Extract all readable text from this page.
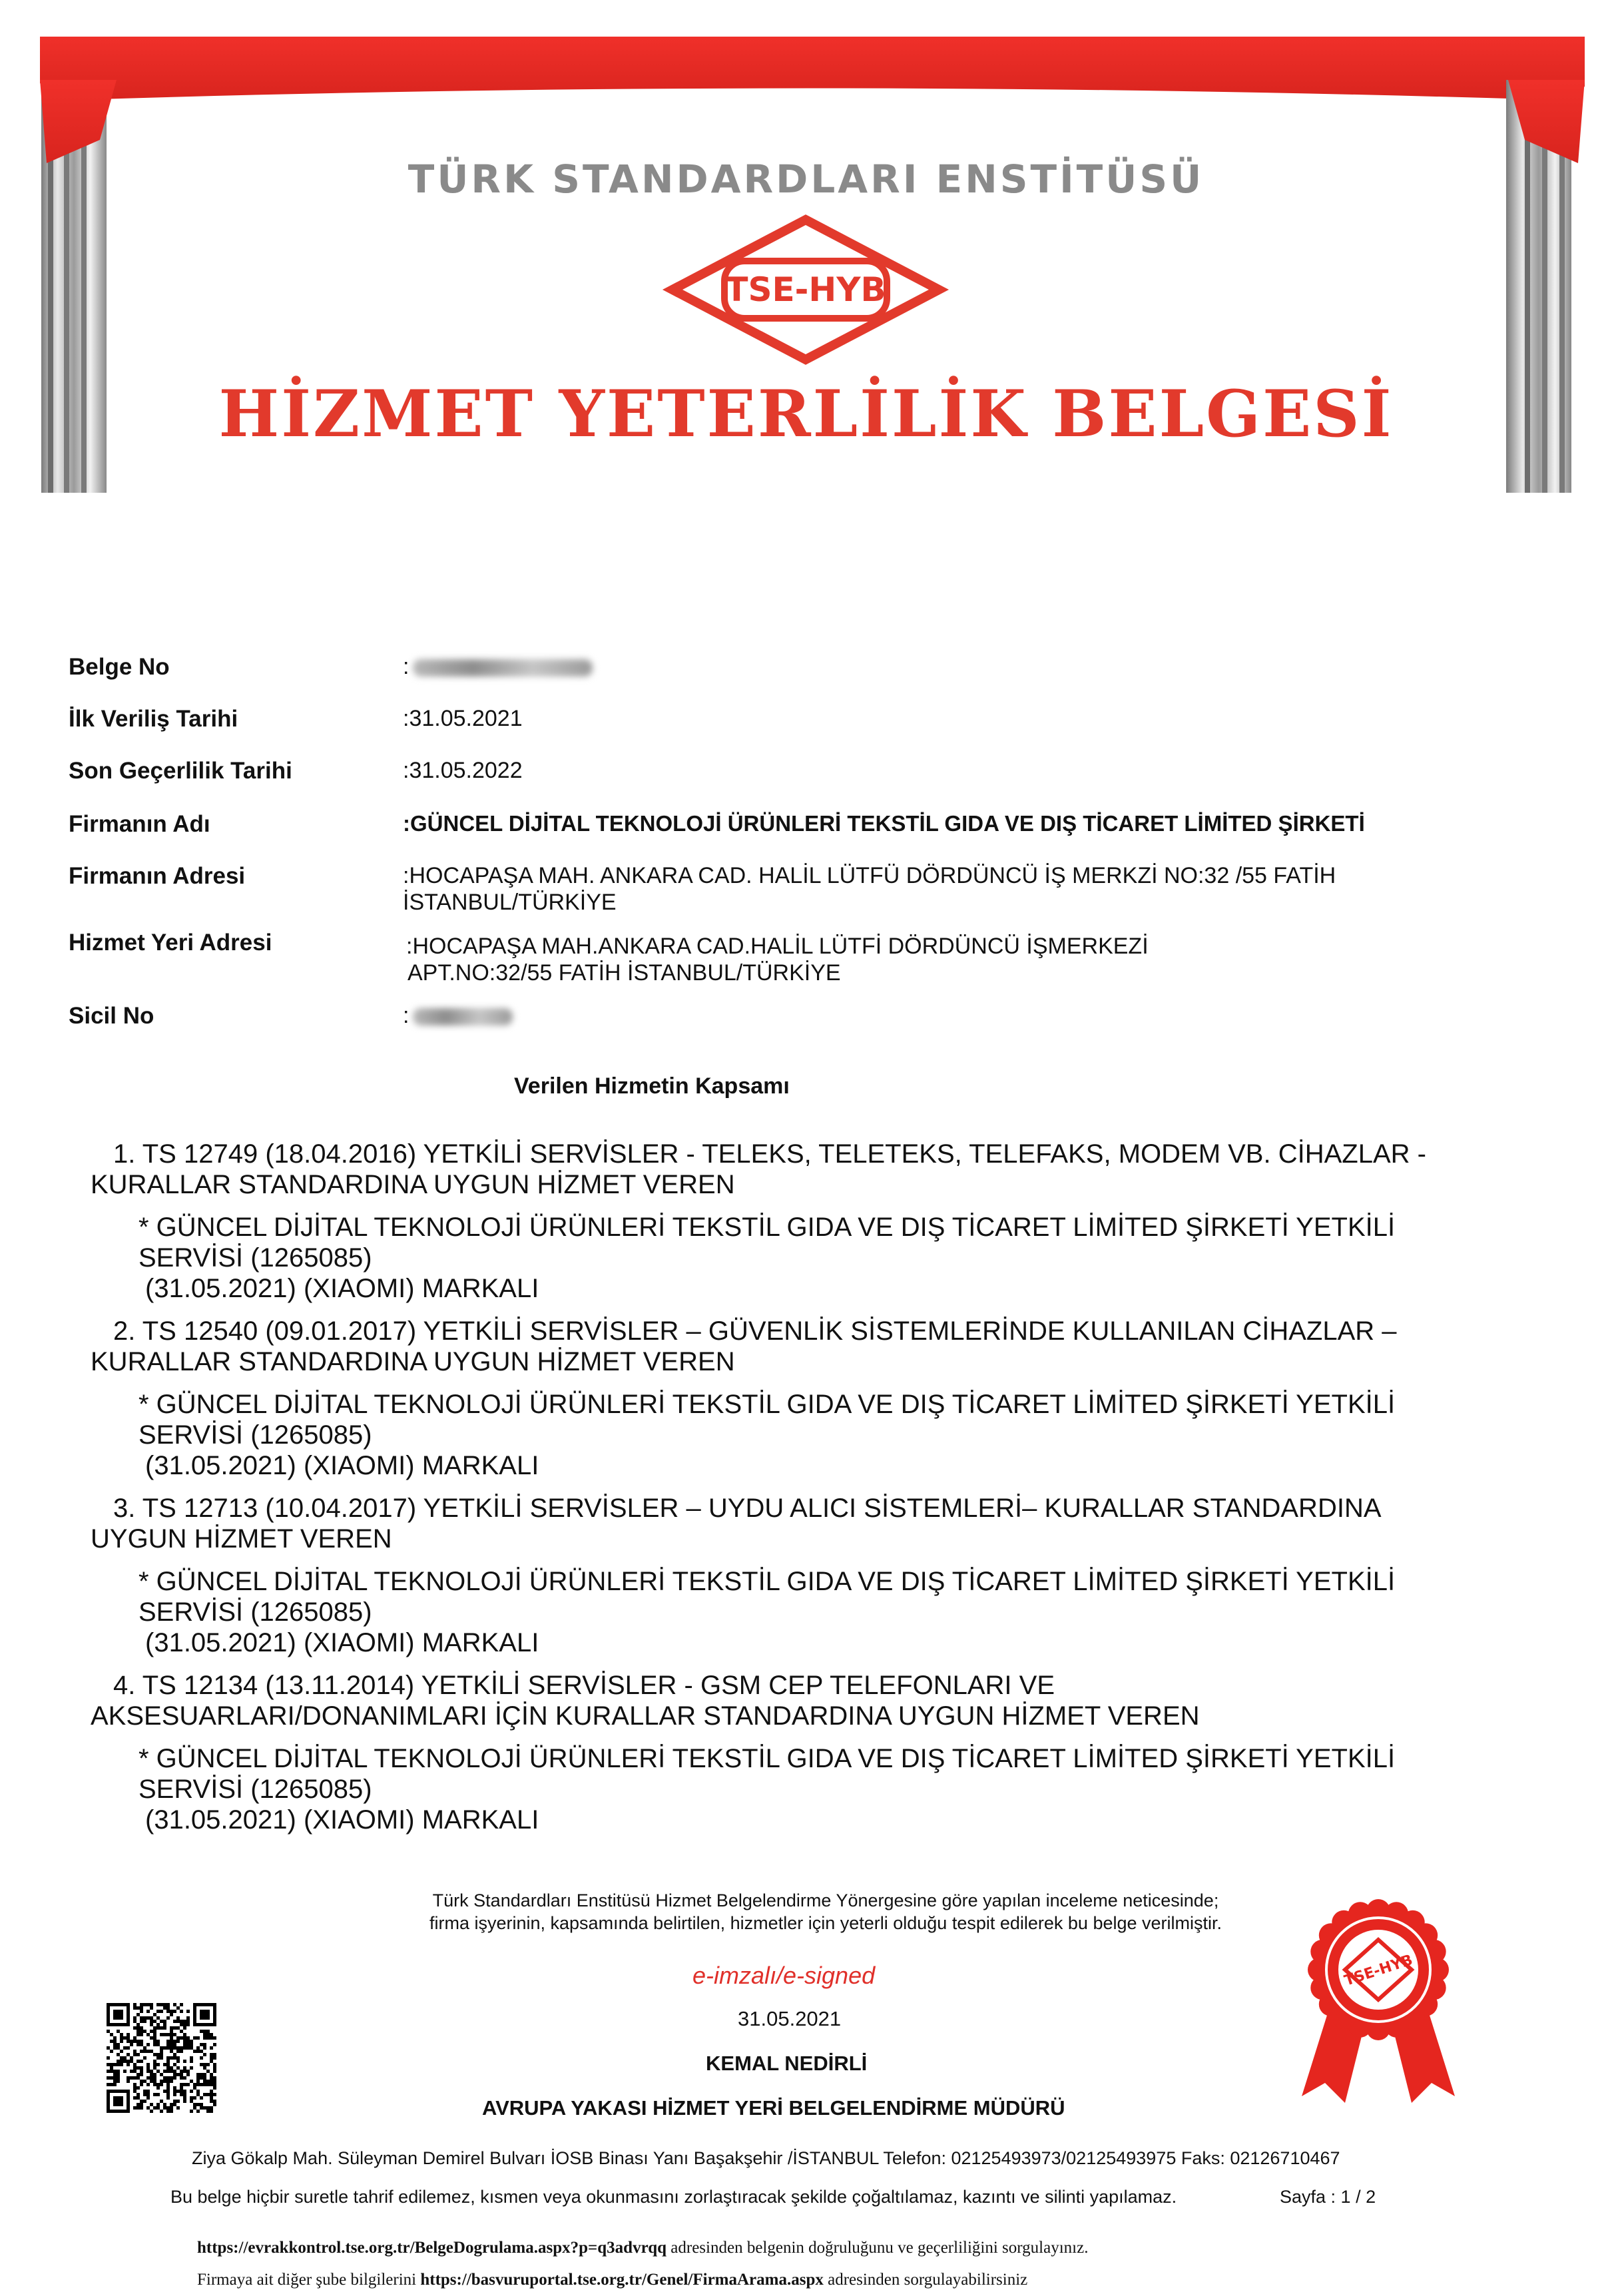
TSE-HYB
TÜRK STANDARDLARI ENSTİTÜSÜ
HİZMET YETERLİLİK BELGESİ
Belge No	:
İlk Veriliş Tarihi	:31.05.2021
Son Geçerlilik Tarihi	:31.05.2022
Firmanın Adı	:GÜNCEL DİJİTAL TEKNOLOJİ ÜRÜNLERİ TEKSTİL GIDA VE DIŞ TİCARET LİMİTED ŞİRKETİ
Firmanın Adresi	:HOCAPAŞA MAH. ANKARA CAD. HALİL LÜTFÜ DÖRDÜNCÜ İŞ MERKZİ NO:32 /55 FATİH
İSTANBUL/TÜRKİYE
Hizmet Yeri Adresi	:HOCAPAŞA MAH.ANKARA CAD.HALİL LÜTFİ DÖRDÜNCÜ İŞMERKEZİ
APT.NO:32/55 FATİH İSTANBUL/TÜRKİYE
Sicil No	:
Verilen Hizmetin Kapsamı
1. TS 12749 (18.04.2016) YETKİLİ SERVİSLER - TELEKS, TELETEKS, TELEFAKS, MODEM VB. CİHAZLAR -
KURALLAR STANDARDINA UYGUN HİZMET VEREN
* GÜNCEL DİJİTAL TEKNOLOJİ ÜRÜNLERİ TEKSTİL GIDA VE DIŞ TİCARET LİMİTED ŞİRKETİ YETKİLİ
SERVİSİ (1265085)
(31.05.2021) (XIAOMI) MARKALI
2. TS 12540 (09.01.2017) YETKİLİ SERVİSLER – GÜVENLİK SİSTEMLERİNDE KULLANILAN CİHAZLAR –
KURALLAR STANDARDINA UYGUN HİZMET VEREN
* GÜNCEL DİJİTAL TEKNOLOJİ ÜRÜNLERİ TEKSTİL GIDA VE DIŞ TİCARET LİMİTED ŞİRKETİ YETKİLİ
SERVİSİ (1265085)
(31.05.2021) (XIAOMI) MARKALI
3. TS 12713 (10.04.2017) YETKİLİ SERVİSLER – UYDU ALICI SİSTEMLERİ– KURALLAR STANDARDINA
UYGUN HİZMET VEREN
* GÜNCEL DİJİTAL TEKNOLOJİ ÜRÜNLERİ TEKSTİL GIDA VE DIŞ TİCARET LİMİTED ŞİRKETİ YETKİLİ
SERVİSİ (1265085)
(31.05.2021) (XIAOMI) MARKALI
4. TS 12134 (13.11.2014) YETKİLİ SERVİSLER - GSM CEP TELEFONLARI VE
AKSESUARLARI/DONANIMLARI İÇİN KURALLAR STANDARDINA UYGUN HİZMET VEREN
* GÜNCEL DİJİTAL TEKNOLOJİ ÜRÜNLERİ TEKSTİL GIDA VE DIŞ TİCARET LİMİTED ŞİRKETİ YETKİLİ
SERVİSİ (1265085)
(31.05.2021) (XIAOMI) MARKALI
Türk Standardları Enstitüsü Hizmet Belgelendirme Yönergesine göre yapılan inceleme neticesinde;
firma işyerinin, kapsamında belirtilen, hizmetler için yeterli olduğu tespit edilerek bu belge verilmiştir.
e-imzalı/e-signed
31.05.2021
KEMAL NEDİRLİ
AVRUPA YAKASI HİZMET YERİ BELGELENDİRME MÜDÜRÜ
TSE-HYB
Ziya Gökalp Mah. Süleyman Demirel Bulvarı İOSB Binası Yanı Başakşehir /İSTANBUL Telefon: 02125493973/02125493975 Faks: 02126710467
Bu belge hiçbir suretle tahrif edilemez, kısmen veya okunmasını zorlaştıracak şekilde çoğaltılamaz, kazıntı ve silinti yapılamaz.	Sayfa : 1 / 2
https://evrakkontrol.tse.org.tr/BelgeDogrulama.aspx?p=q3advrqq adresinden belgenin doğruluğunu ve geçerliliğini sorgulayınız.
Firmaya ait diğer şube bilgilerini https://basvuruportal.tse.org.tr/Genel/FirmaArama.aspx adresinden sorgulayabilirsiniz
